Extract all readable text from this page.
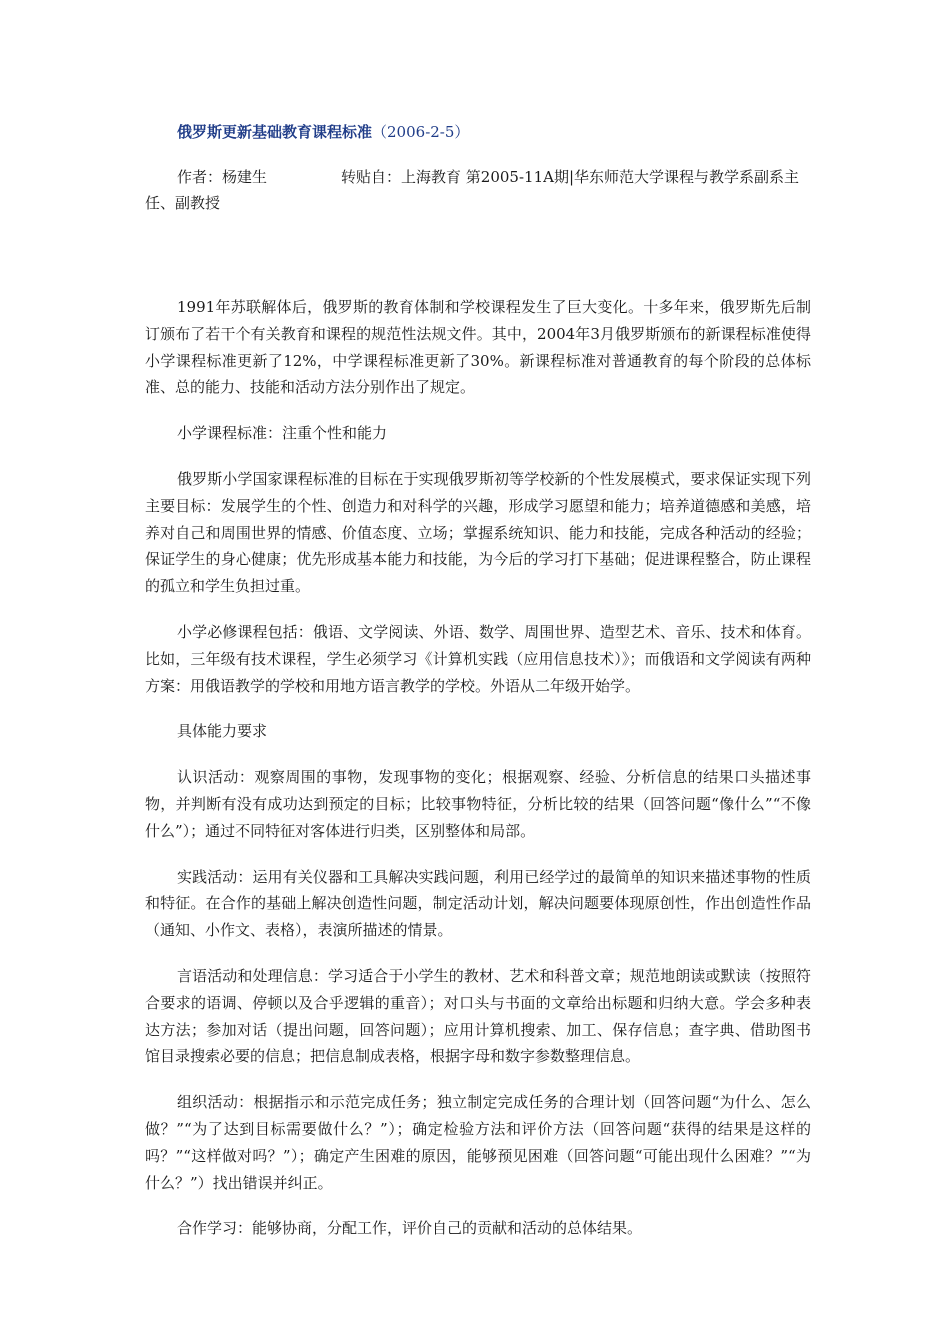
俄罗斯更新基础教育课程标准（2006-2-5）

作者：杨建生	转贴自：上海教育 第2005-11A期|华东师范大学课程与教学系副系主任、副教授

1991年苏联解体后，俄罗斯的教育体制和学校课程发生了巨大变化。十多年来，俄罗斯先后制订颁布了若干个有关教育和课程的规范性法规文件。其中，2004年3月俄罗斯颁布的新课程标准使得小学课程标准更新了12%，中学课程标准更新了30%。新课程标准对普通教育的每个阶段的总体标准、总的能力、技能和活动方法分别作出了规定。

小学课程标准：注重个性和能力

俄罗斯小学国家课程标准的目标在于实现俄罗斯初等学校新的个性发展模式，要求保证实现下列主要目标：发展学生的个性、创造力和对科学的兴趣，形成学习愿望和能力；培养道德感和美感，培养对自己和周围世界的情感、价值态度、立场；掌握系统知识、能力和技能，完成各种活动的经验；保证学生的身心健康；优先形成基本能力和技能，为今后的学习打下基础；促进课程整合，防止课程的孤立和学生负担过重。

小学必修课程包括：俄语、文学阅读、外语、数学、周围世界、造型艺术、音乐、技术和体育。比如，三年级有技术课程，学生必须学习《计算机实践（应用信息技术）》；而俄语和文学阅读有两种方案：用俄语教学的学校和用地方语言教学的学校。外语从二年级开始学。

具体能力要求

认识活动：观察周围的事物，发现事物的变化；根据观察、经验、分析信息的结果口头描述事物，并判断有没有成功达到预定的目标；比较事物特征，分析比较的结果（回答问题“像什么”“不像什么”）；通过不同特征对客体进行归类，区别整体和局部。

实践活动：运用有关仪器和工具解决实践问题，利用已经学过的最简单的知识来描述事物的性质和特征。在合作的基础上解决创造性问题，制定活动计划，解决问题要体现原创性，作出创造性作品（通知、小作文、表格），表演所描述的情景。

言语活动和处理信息：学习适合于小学生的教材、艺术和科普文章；规范地朗读或默读（按照符合要求的语调、停顿以及合乎逻辑的重音）；对口头与书面的文章给出标题和归纳大意。学会多种表达方法；参加对话（提出问题，回答问题）；应用计算机搜索、加工、保存信息；查字典、借助图书馆目录搜索必要的信息；把信息制成表格，根据字母和数字参数整理信息。

组织活动：根据指示和示范完成任务；独立制定完成任务的合理计划（回答问题“为什么、怎么做？”“为了达到目标需要做什么？”）；确定检验方法和评价方法（回答问题“获得的结果是这样的吗？”“这样做对吗？”）；确定产生困难的原因，能够预见困难（回答问题“可能出现什么困难？”“为什么？”）找出错误并纠正。

合作学习：能够协商，分配工作，评价自己的贡献和活动的总体结果。
